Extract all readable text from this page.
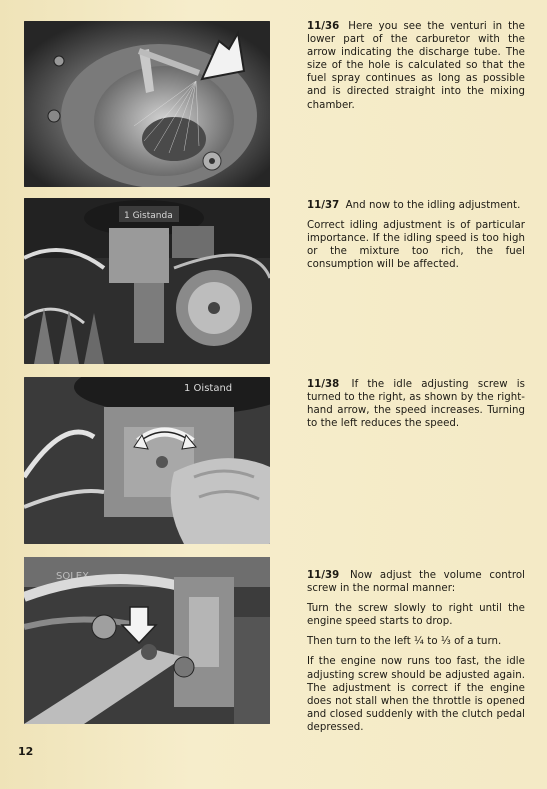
1 Gistanda
1 Oistand
SOLEX

11/36 Here you see the venturi in the lower part of the carburetor with the arrow indicating the discharge tube. The size of the hole is calculated so that the fuel spray continues as long as possible and is directed straight into the mixing chamber.

11/37 And now to the idling adjustment.

Correct idling adjustment is of particular importance. If the idling speed is too high or the mixture too rich, the fuel consumption will be affected.

11/38 If the idle adjusting screw is turned to the right, as shown by the right-hand arrow, the speed increases. Turning to the left reduces the speed.

11/39 Now adjust the volume control screw in the normal manner:

Turn the screw slowly to right until the engine speed starts to drop.

Then turn to the left ¼ to ⅓ of a turn.

If the engine now runs too fast, the idle adjusting screw should be adjusted again. The adjustment is correct if the engine does not stall when the throttle is opened and closed suddenly with the clutch pedal depressed.

12
